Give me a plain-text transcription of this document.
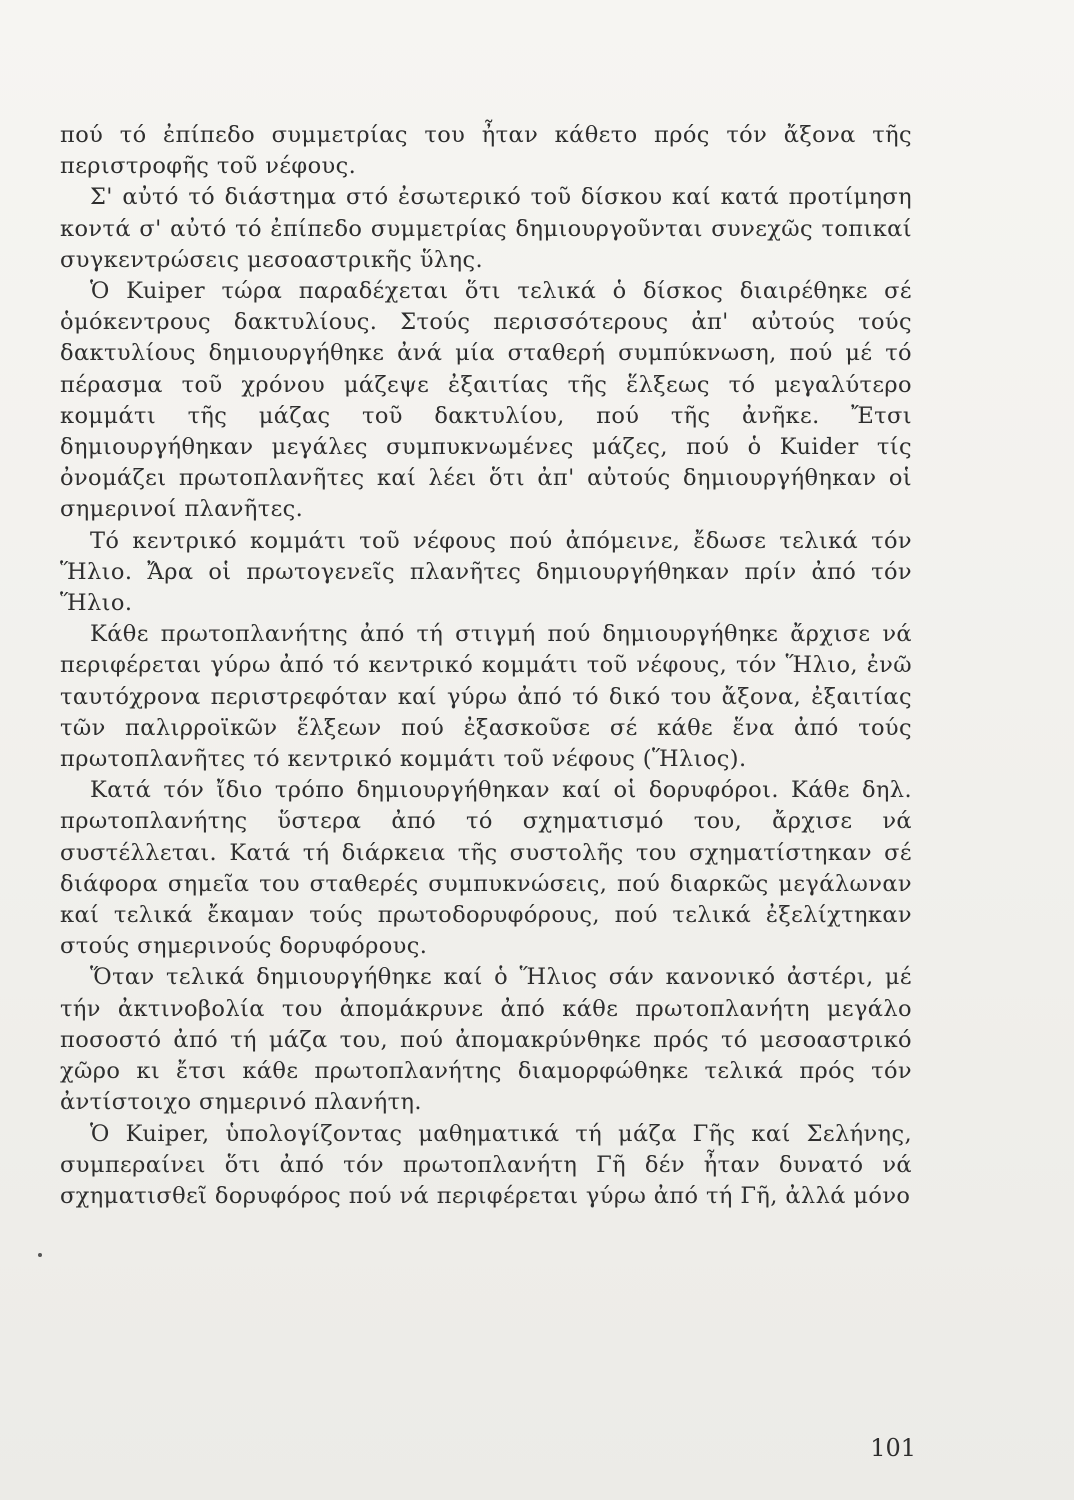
πού τό ἐπίπεδο συμμετρίας του ἦταν κάθετο πρός τόν ἄξονα τῆς περιστροφῆς τοῦ νέφους.

Σ' αὐτό τό διάστημα στό ἐσωτερικό τοῦ δίσκου καί κατά προτίμηση κοντά σ' αὐτό τό ἐπίπεδο συμμετρίας δημιουργοῦνται συνεχῶς τοπικαί συγκεντρώσεις μεσοαστρικῆς ὕλης.

Ὁ Kuiper τώρα παραδέχεται ὅτι τελικά ὁ δίσκος διαιρέθηκε σέ ὁμόκεντρους δακτυλίους. Στούς περισσότερους ἀπ' αὐτούς τούς δακτυλίους δημιουργήθηκε ἀνά μία σταθερή συμπύκνωση, πού μέ τό πέρασμα τοῦ χρόνου μάζεψε ἐξαιτίας τῆς ἕλξεως τό μεγαλύτερο κομμάτι τῆς μάζας τοῦ δακτυλίου, πού τῆς ἀνῆκε. Ἔτσι δημιουργήθηκαν μεγάλες συμπυκνωμένες μάζες, πού ὁ Kuider τίς ὀνομάζει πρωτοπλανῆτες καί λέει ὅτι ἀπ' αὐτούς δημιουργήθηκαν οἱ σημερινοί πλανῆτες.

Τό κεντρικό κομμάτι τοῦ νέφους πού ἀπόμεινε, ἔδωσε τελικά τόν Ἥλιο. Ἄρα οἱ πρωτογενεῖς πλανῆτες δημιουργήθηκαν πρίν ἀπό τόν Ἥλιο.

Κάθε πρωτοπλανήτης ἀπό τή στιγμή πού δημιουργήθηκε ἄρχισε νά περιφέρεται γύρω ἀπό τό κεντρικό κομμάτι τοῦ νέφους, τόν Ἥλιο, ἐνῶ ταυτόχρονα περιστρεφόταν καί γύρω ἀπό τό δικό του ἄξονα, ἐξαιτίας τῶν παλιρροϊκῶν ἕλξεων πού ἐξασκοῦσε σέ κάθε ἕνα ἀπό τούς πρωτοπλανῆτες τό κεντρικό κομμάτι τοῦ νέφους (Ἥλιος).

Κατά τόν ἴδιο τρόπο δημιουργήθηκαν καί οἱ δορυφόροι. Κάθε δηλ. πρωτοπλανήτης ὕστερα ἀπό τό σχηματισμό του, ἄρχισε νά συστέλλεται. Κατά τή διάρκεια τῆς συστολῆς του σχηματίστηκαν σέ διάφορα σημεῖα του σταθερές συμπυκνώσεις, πού διαρκῶς μεγάλωναν καί τελικά ἔκαμαν τούς πρωτοδορυφόρους, πού τελικά ἐξελίχτηκαν στούς σημερινούς δορυφόρους.

Ὅταν τελικά δημιουργήθηκε καί ὁ Ἥλιος σάν κανονικό ἀστέρι, μέ τήν ἀκτινοβολία του ἀπομάκρυνε ἀπό κάθε πρωτοπλανήτη μεγάλο ποσοστό ἀπό τή μάζα του, πού ἀπομακρύνθηκε πρός τό μεσοαστρικό χῶρο κι ἔτσι κάθε πρωτοπλανήτης διαμορφώθηκε τελικά πρός τόν ἀντίστοιχο σημερινό πλανήτη.

Ὁ Kuiper, ὑπολογίζοντας μαθηματικά τή μάζα Γῆς καί Σελήνης, συμπεραίνει ὅτι ἀπό τόν πρωτοπλανήτη Γῆ δέν ἦταν δυνατό νά σχηματισθεῖ δορυφόρος πού νά περιφέρεται γύρω ἀπό τή Γῆ, ἀλλά μόνο

101
